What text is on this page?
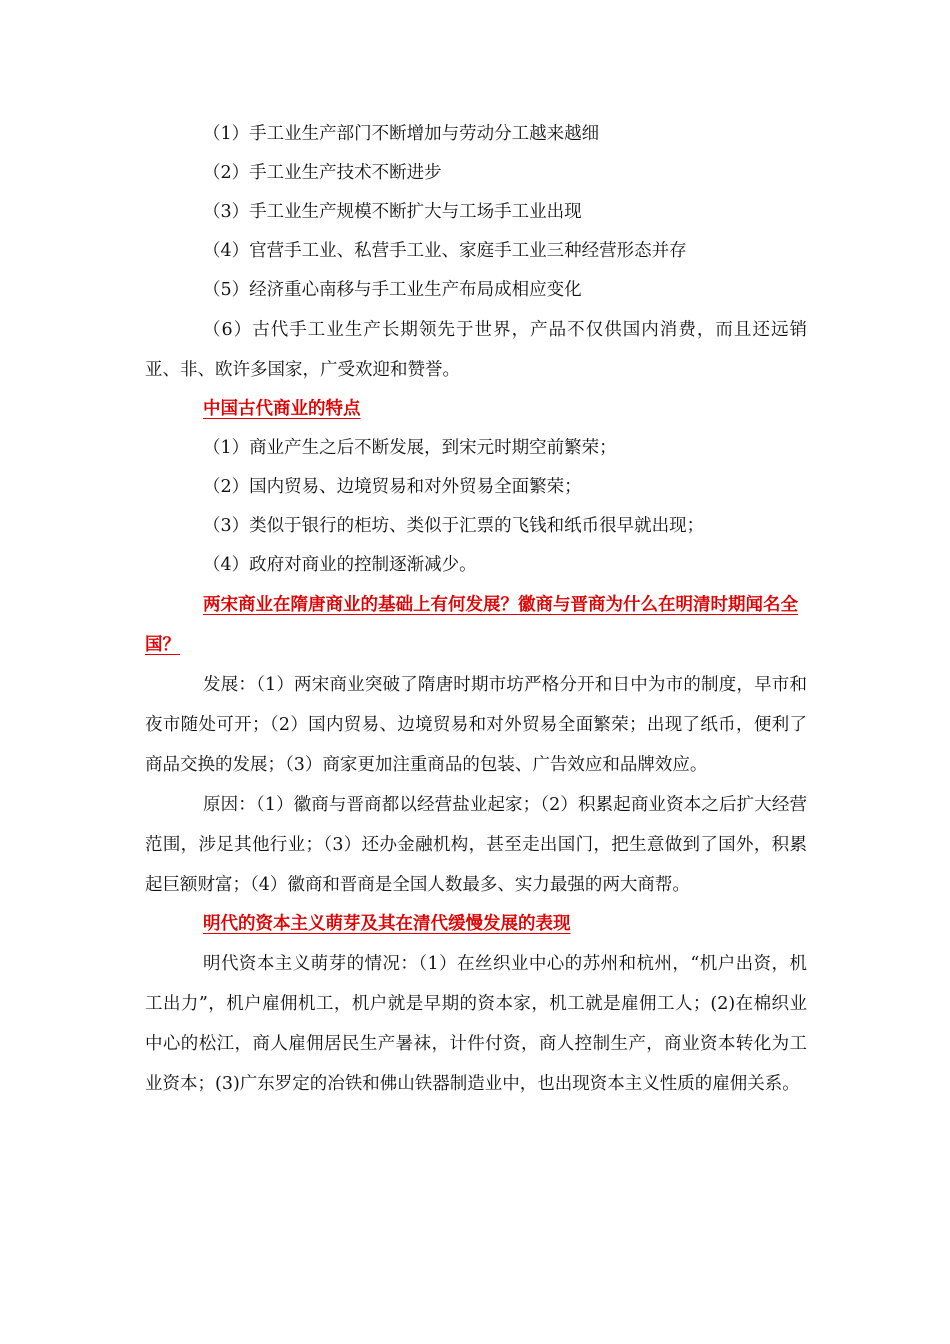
（1）手工业生产部门不断增加与劳动分工越来越细
（2）手工业生产技术不断进步
（3）手工业生产规模不断扩大与工场手工业出现
（4）官营手工业、私营手工业、家庭手工业三种经营形态并存
（5）经济重心南移与手工业生产布局成相应变化
（6）古代手工业生产长期领先于世界，产品不仅供国内消费，而且还远销亚、非、欧许多国家，广受欢迎和赞誉。
中国古代商业的特点
（1）商业产生之后不断发展，到宋元时期空前繁荣；
（2）国内贸易、边境贸易和对外贸易全面繁荣；
（3）类似于银行的柜坊、类似于汇票的飞钱和纸币很早就出现；
（4）政府对商业的控制逐渐减少。
两宋商业在隋唐商业的基础上有何发展？徽商与晋商为什么在明清时期闻名全国？
发展：（1）两宋商业突破了隋唐时期市坊严格分开和日中为市的制度，早市和夜市随处可开；（2）国内贸易、边境贸易和对外贸易全面繁荣；出现了纸币，便利了商品交换的发展；（3）商家更加注重商品的包装、广告效应和品牌效应。
原因：（1）徽商与晋商都以经营盐业起家；（2）积累起商业资本之后扩大经营范围，涉足其他行业；（3）还办金融机构，甚至走出国门，把生意做到了国外，积累起巨额财富；（4）徽商和晋商是全国人数最多、实力最强的两大商帮。
明代的资本主义萌芽及其在清代缓慢发展的表现
明代资本主义萌芽的情况：（1）在丝织业中心的苏州和杭州，“机户出资，机工出力”，机户雇佣机工，机户就是早期的资本家，机工就是雇佣工人；(2)在棉织业中心的松江，商人雇佣居民生产暑袜，计件付资，商人控制生产，商业资本转化为工业资本；(3)广东罗定的冶铁和佛山铁器制造业中，也出现资本主义性质的雇佣关系。
